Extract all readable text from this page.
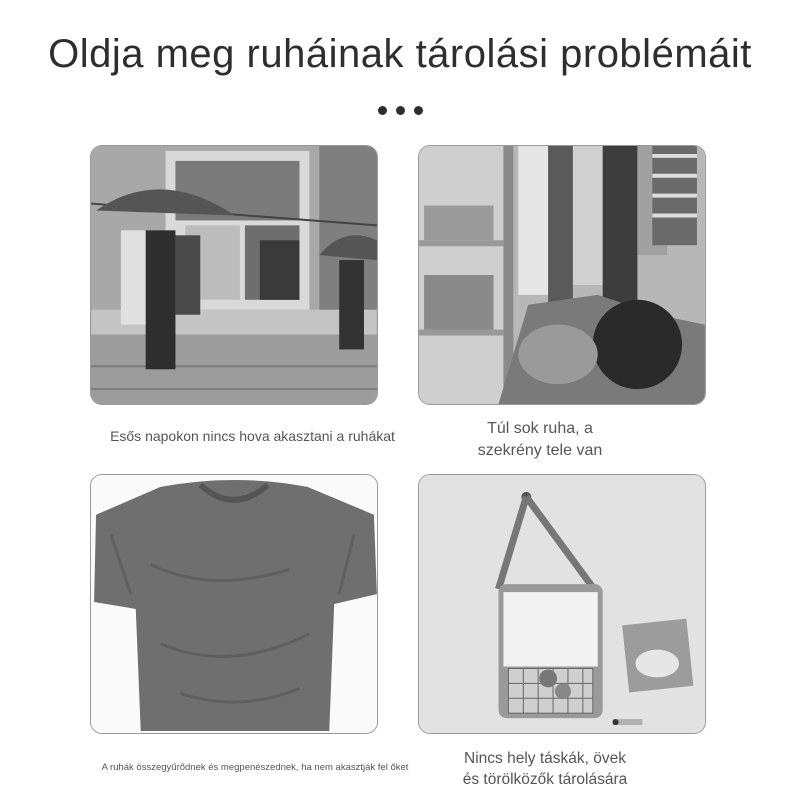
Oldja meg ruháinak tárolási problémáit
Esős napokon nincs hova akasztani a ruhákat	Túl sok ruha, a
szekrény tele van
A ruhák összegyűrődnek és megpenészednek, ha nem akasztják fel őket
Nincs hely táskák, övek
és törölközők tárolására
